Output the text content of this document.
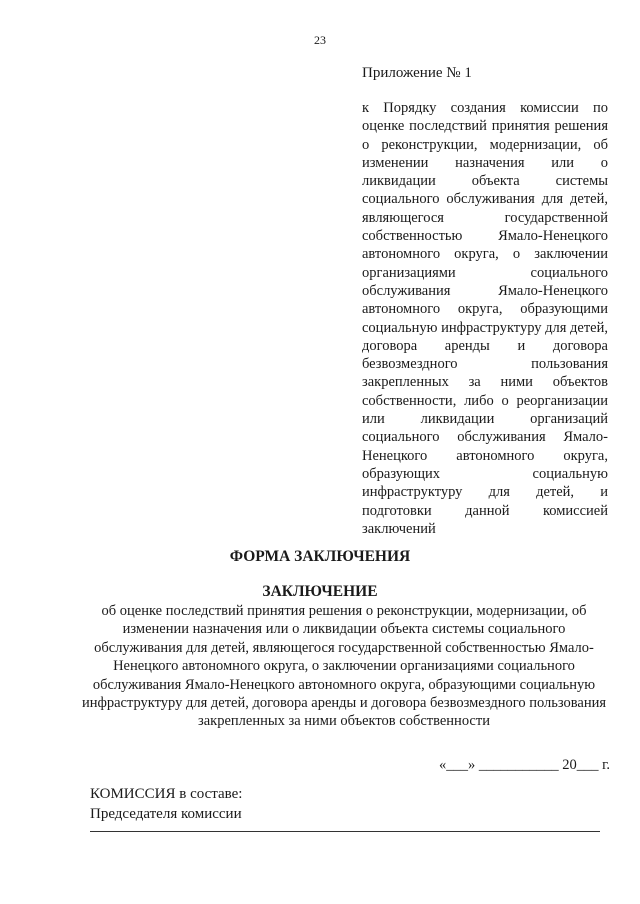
23
Приложение № 1
к Порядку создания комиссии по оценке последствий принятия решения о реконструкции, модернизации, об изменении назначения или о ликвидации объекта системы социального обслуживания для детей, являющегося государственной собственностью Ямало-Ненецкого автономного округа, о заключении организациями социального обслуживания Ямало-Ненецкого автономного округа, образующими социальную инфраструктуру для детей, договора аренды и договора безвозмездного пользования закрепленных за ними объектов собственности, либо о реорганизации или ликвидации организаций социального обслуживания Ямало-Ненецкого автономного округа, образующих социальную инфраструктуру для детей, и подготовки данной комиссией заключений
ФОРМА ЗАКЛЮЧЕНИЯ
ЗАКЛЮЧЕНИЕ
об оценке последствий принятия решения о реконструкции, модернизации, об изменении назначения или о ликвидации объекта системы социального обслуживания для детей, являющегося государственной собственностью Ямало-Ненецкого автономного округа, о заключении организациями социального обслуживания Ямало-Ненецкого автономного округа, образующими социальную инфраструктуру для детей, договора аренды и договора безвозмездного пользования закрепленных за ними объектов собственности
«___» ___________ 20___ г.
КОМИССИЯ в составе:
Председателя комиссии
